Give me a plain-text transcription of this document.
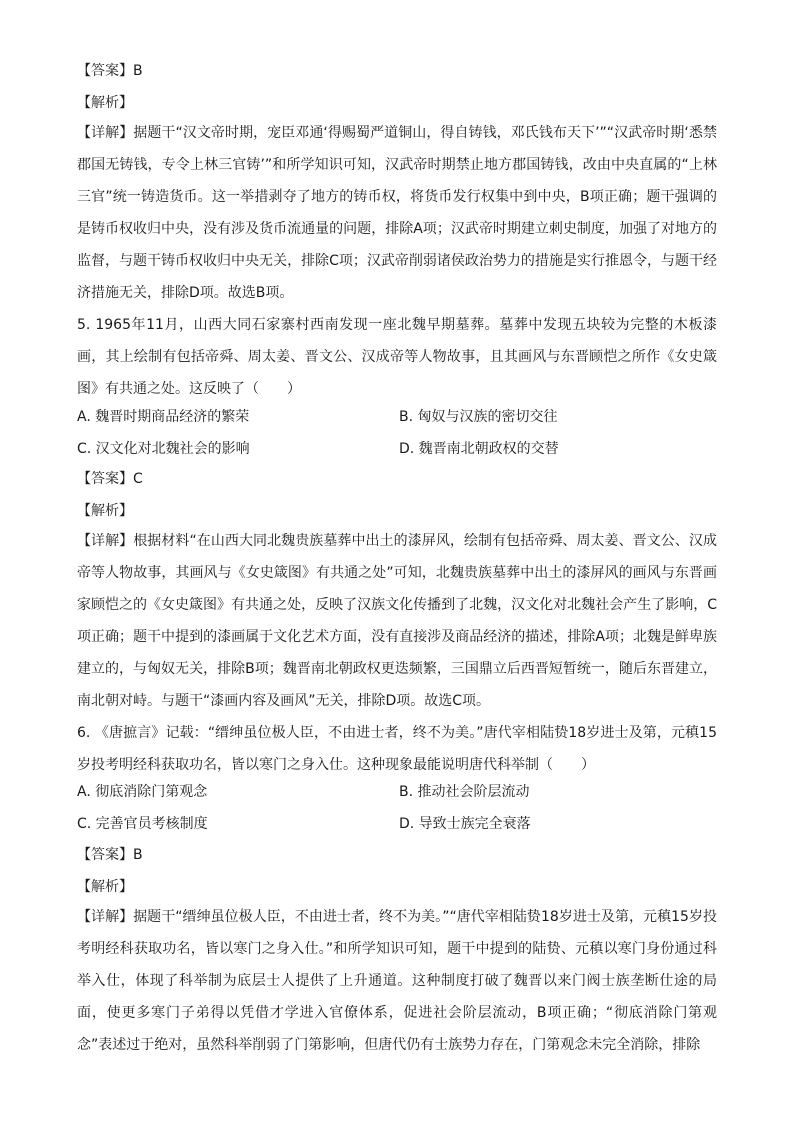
【答案】B
【解析】
【详解】据题干“汉文帝时期，宠臣邓通‘得赐蜀严道铜山，得自铸钱，邓氏钱布天下’”“汉武帝时期‘悉禁郡国无铸钱，专令上林三官铸’”和所学知识可知，汉武帝时期禁止地方郡国铸钱，改由中央直属的“上林三官”统一铸造货币。这一举措剥夺了地方的铸币权，将货币发行权集中到中央，B项正确；题干强调的是铸币权收归中央，没有涉及货币流通量的问题，排除A项；汉武帝时期建立刺史制度，加强了对地方的监督，与题干铸币权收归中央无关，排除C项；汉武帝削弱诸侯政治势力的措施是实行推恩令，与题干经济措施无关，排除D项。故选B项。
5. 1965年11月，山西大同石家寨村西南发现一座北魏早期墓葬。墓葬中发现五块较为完整的木板漆画，其上绘制有包括帝舜、周太姜、晋文公、汉成帝等人物故事，且其画风与东晋顾恺之所作《女史箴图》有共通之处。这反映了（　　）
A. 魏晋时期商品经济的繁荣	B. 匈奴与汉族的密切交往
C. 汉文化对北魏社会的影响	D. 魏晋南北朝政权的交替
【答案】C
【解析】
【详解】根据材料“在山西大同北魏贵族墓葬中出土的漆屏风，绘制有包括帝舜、周太姜、晋文公、汉成帝等人物故事，其画风与《女史箴图》有共通之处”可知，北魏贵族墓葬中出土的漆屏风的画风与东晋画家顾恺之的《女史箴图》有共通之处，反映了汉族文化传播到了北魏，汉文化对北魏社会产生了影响，C项正确；题干中提到的漆画属于文化艺术方面，没有直接涉及商品经济的描述，排除A项；北魏是鲜卑族建立的，与匈奴无关，排除B项；魏晋南北朝政权更迭频繁，三国鼎立后西晋短暂统一，随后东晋建立，南北朝对峙。与题干“漆画内容及画风”无关，排除D项。故选C项。
6. 《唐摭言》记载：“缙绅虽位极人臣，不由进士者，终不为美。”唐代宰相陆贽18岁进士及第，元稹15岁投考明经科获取功名，皆以寒门之身入仕。这种现象最能说明唐代科举制（　　）
A. 彻底消除门第观念	B. 推动社会阶层流动
C. 完善官员考核制度	D. 导致士族完全衰落
【答案】B
【解析】
【详解】据题干“缙绅虽位极人臣，不由进士者，终不为美。”“唐代宰相陆贽18岁进士及第，元稹15岁投考明经科获取功名，皆以寒门之身入仕。”和所学知识可知，题干中提到的陆贽、元稹以寒门身份通过科举入仕，体现了科举制为底层士人提供了上升通道。这种制度打破了魏晋以来门阀士族垄断仕途的局面，使更多寒门子弟得以凭借才学进入官僚体系，促进社会阶层流动，B项正确；“彻底消除门第观念”表述过于绝对，虽然科举削弱了门第影响，但唐代仍有士族势力存在，门第观念未完全消除，排除
